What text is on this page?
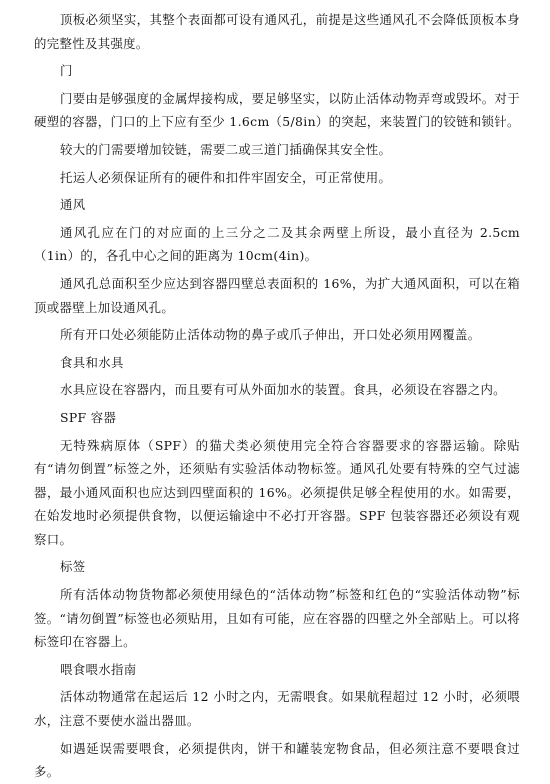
顶板必须坚实，其整个表面都可设有通风孔，前提是这些通风孔不会降低顶板本身的完整性及其强度。

门

门要由是够强度的金属焊接构成，要足够坚实，以防止活体动物弄弯或毁坏。对于硬塑的容器，门口的上下应有至少 1.6cm（5/8in）的突起，来装置门的铰链和锁针。

较大的门需要增加铰链，需要二或三道门插确保其安全性。

托运人必须保证所有的硬件和扣件牢固安全，可正常使用。

通风

通风孔应在门的对应面的上三分之二及其余两壁上所设，最小直径为 2.5cm（1in）的，各孔中心之间的距离为 10cm(4in)。

通风孔总面积至少应达到容器四壁总表面积的 16%，为扩大通风面积，可以在箱顶或器壁上加设通风孔。

所有开口处必须能防止活体动物的鼻子或爪子伸出，开口处必须用网覆盖。

食具和水具

水具应设在容器内，而且要有可从外面加水的装置。食具，必须设在容器之内。

SPF 容器

无特殊病原体（SPF）的猫犬类必须使用完全符合容器要求的容器运输。除贴有“请勿倒置”标签之外，还须贴有实验活体动物标签。通风孔处要有特殊的空气过滤器，最小通风面积也应达到四壁面积的 16%。必须提供足够全程使用的水。如需要，在始发地时必须提供食物，以便运输途中不必打开容器。SPF 包装容器还必须设有观察口。

标签

所有活体动物货物都必须使用绿色的“活体动物”标签和红色的“实验活体动物”标签。“请勿倒置”标签也必须贴用，且如有可能，应在容器的四壁之外全部贴上。可以将标签印在容器上。

喂食喂水指南

活体动物通常在起运后 12 小时之内，无需喂食。如果航程超过 12 小时，必须喂水，注意不要使水溢出器皿。

如遇延误需要喂食，必须提供肉，饼干和罐装宠物食品，但必须注意不要喂食过多。
